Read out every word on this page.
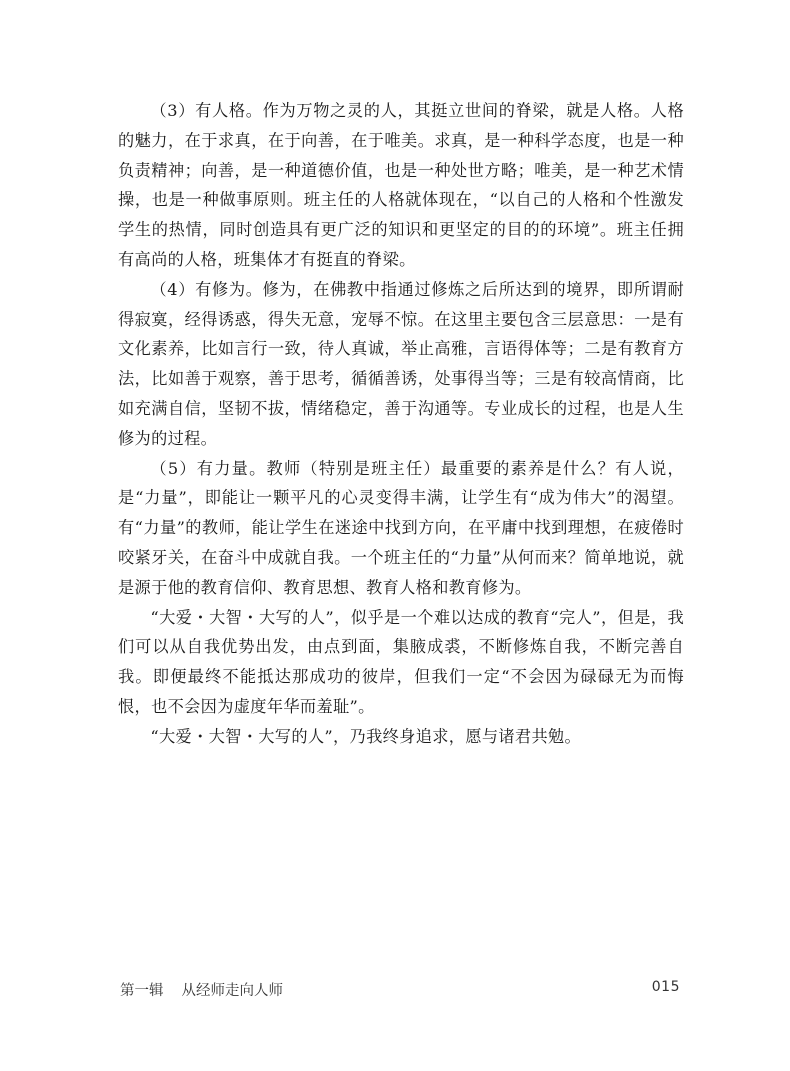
（3）有人格。作为万物之灵的人，其挺立世间的脊梁，就是人格。人格的魅力，在于求真，在于向善，在于唯美。求真，是一种科学态度，也是一种负责精神；向善，是一种道德价值，也是一种处世方略；唯美，是一种艺术情操，也是一种做事原则。班主任的人格就体现在，“以自己的人格和个性激发学生的热情，同时创造具有更广泛的知识和更坚定的目的的环境”。班主任拥有高尚的人格，班集体才有挺直的脊梁。

（4）有修为。修为，在佛教中指通过修炼之后所达到的境界，即所谓耐得寂寞，经得诱惑，得失无意，宠辱不惊。在这里主要包含三层意思：一是有文化素养，比如言行一致，待人真诚，举止高雅，言语得体等；二是有教育方法，比如善于观察，善于思考，循循善诱，处事得当等；三是有较高情商，比如充满自信，坚韧不拔，情绪稳定，善于沟通等。专业成长的过程，也是人生修为的过程。

（5）有力量。教师（特别是班主任）最重要的素养是什么？有人说，是“力量”，即能让一颗平凡的心灵变得丰满，让学生有“成为伟大”的渴望。有“力量”的教师，能让学生在迷途中找到方向，在平庸中找到理想，在疲倦时咬紧牙关，在奋斗中成就自我。一个班主任的“力量”从何而来？简单地说，就是源于他的教育信仰、教育思想、教育人格和教育修为。

“大爱・大智・大写的人”，似乎是一个难以达成的教育“完人”，但是，我们可以从自我优势出发，由点到面，集腋成裘，不断修炼自我，不断完善自我。即便最终不能抵达那成功的彼岸，但我们一定“不会因为碌碌无为而悔恨，也不会因为虚度年华而羞耻”。

“大爱・大智・大写的人”，乃我终身追求，愿与诸君共勉。

第一辑 从经师走向人师	015
